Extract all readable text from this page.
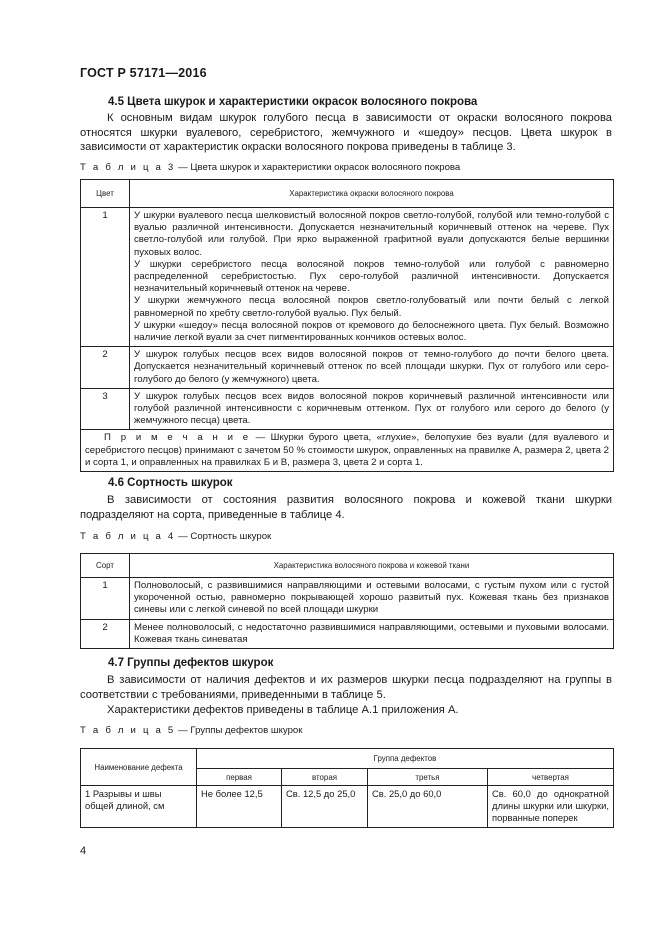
ГОСТ Р 57171—2016
4.5 Цвета шкурок и характеристики окрасок волосяного покрова
К основным видам шкурок голубого песца в зависимости от окраски волосяного покрова относятся шкурки вуалевого, серебристого, жемчужного и «шедоу» песцов. Цвета шкурок в зависимости от характеристик окраски волосяного покрова приведены в таблице 3.
Т а б л и ц а 3 — Цвета шкурок и характеристики окрасок волосяного покрова
Цвет	Характеристика окраски волосяного покрова
1	У шкурки вуалевого песца шелковистый волосяной покров светло-голубой, голубой или темно-голубой с вуалью различной интенсивности. Допускается незначительный коричневый оттенок на череве. Пух светло-голубой или голубой. При ярко выраженной графитной вуали допускаются белые вершинки пуховых волос.

У шкурки серебристого песца волосяной покров темно-голубой или голубой с равномерно распределенной серебристостью. Пух серо-голубой различной интенсивности. Допускается незначительный коричневый оттенок на череве.

У шкурки жемчужного песца волосяной покров светло-голубоватый или почти белый с легкой равномерной по хребту светло-голубой вуалью. Пух белый.

У шкурки «шедоу» песца волосяной покров от кремового до белоснежного цвета. Пух белый. Возможно наличие легкой вуали за счет пигментированных кончиков остевых волос.

2	У шкурок голубых песцов всех видов волосяной покров от темно-голубого до почти белого цвета. Допускается незначительный коричневый оттенок по всей площади шкурки. Пух от голубого или серо-голубого до белого (у жемчужного) цвета.

3	У шкурок голубых песцов всех видов волосяной покров коричневый различной интенсивности или голубой различной интенсивности с коричневым оттенком. Пух от голубого или серого до белого (у жемчужного песца) цвета.

П р и м е ч а н и е — Шкурки бурого цвета, «глухие», белопухие без вуали (для вуалевого и серебристого песцов) принимают с зачетом 50 % стоимости шкурок, оправленных на правилке А, размера 2, цвета 2 и сорта 1, и оправленных на правилках Б и В, размера 3, цвета 2 и сорта 1.	
4.6 Сортность шкурок
В зависимости от состояния развития волосяного покрова и кожевой ткани шкурки подразделяют на сорта, приведенные в таблице 4.
Т а б л и ц а 4 — Сортность шкурок
Сорт	Характеристика волосяного покрова и кожевой ткани
1	Полноволосый, с развившимися направляющими и остевыми волосами, с густым пухом или с густой укороченной остью, равномерно покрывающей хорошо развитый пух. Кожевая ткань без признаков синевы или с легкой синевой по всей площади шкурки

2	Менее полноволосый, с недостаточно развившимися направляющими, остевыми и пуховыми волосами. Кожевая ткань синеватая

4.7 Группы дефектов шкурок
В зависимости от наличия дефектов и их размеров шкурки песца подразделяют на группы в соответствии с требованиями, приведенными в таблице 5.
Характеристики дефектов приведены в таблице А.1 приложения А.
Т а б л и ц а 5 — Группы дефектов шкурок
Наименование дефекта	Группа дефектов			
	первая	вторая	третья	четвертая
1 Разрывы и швы общей длиной, см	Не более 12,5	Св. 12,5 до 25,0	Св. 25,0 до 60,0	Св. 60,0 до однократной длины шкурки или шкурки, порванные поперек
4
